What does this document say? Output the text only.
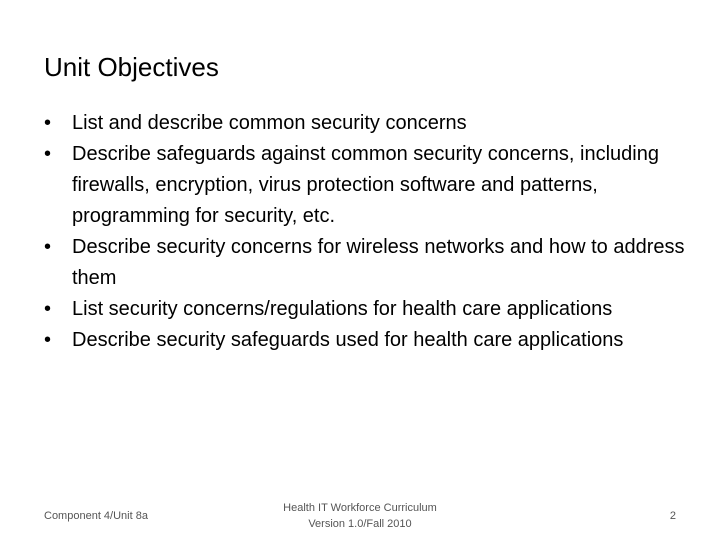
Unit Objectives
•	List and describe common security concerns
•	Describe safeguards against common security concerns, including firewalls, encryption, virus protection software and patterns, programming for security, etc.
•	Describe security concerns for wireless networks and how to address them
•	List security concerns/regulations for health care applications
•	Describe security safeguards used for health care applications
Component 4/Unit 8a
Health IT Workforce Curriculum
Version 1.0/Fall 2010
2
